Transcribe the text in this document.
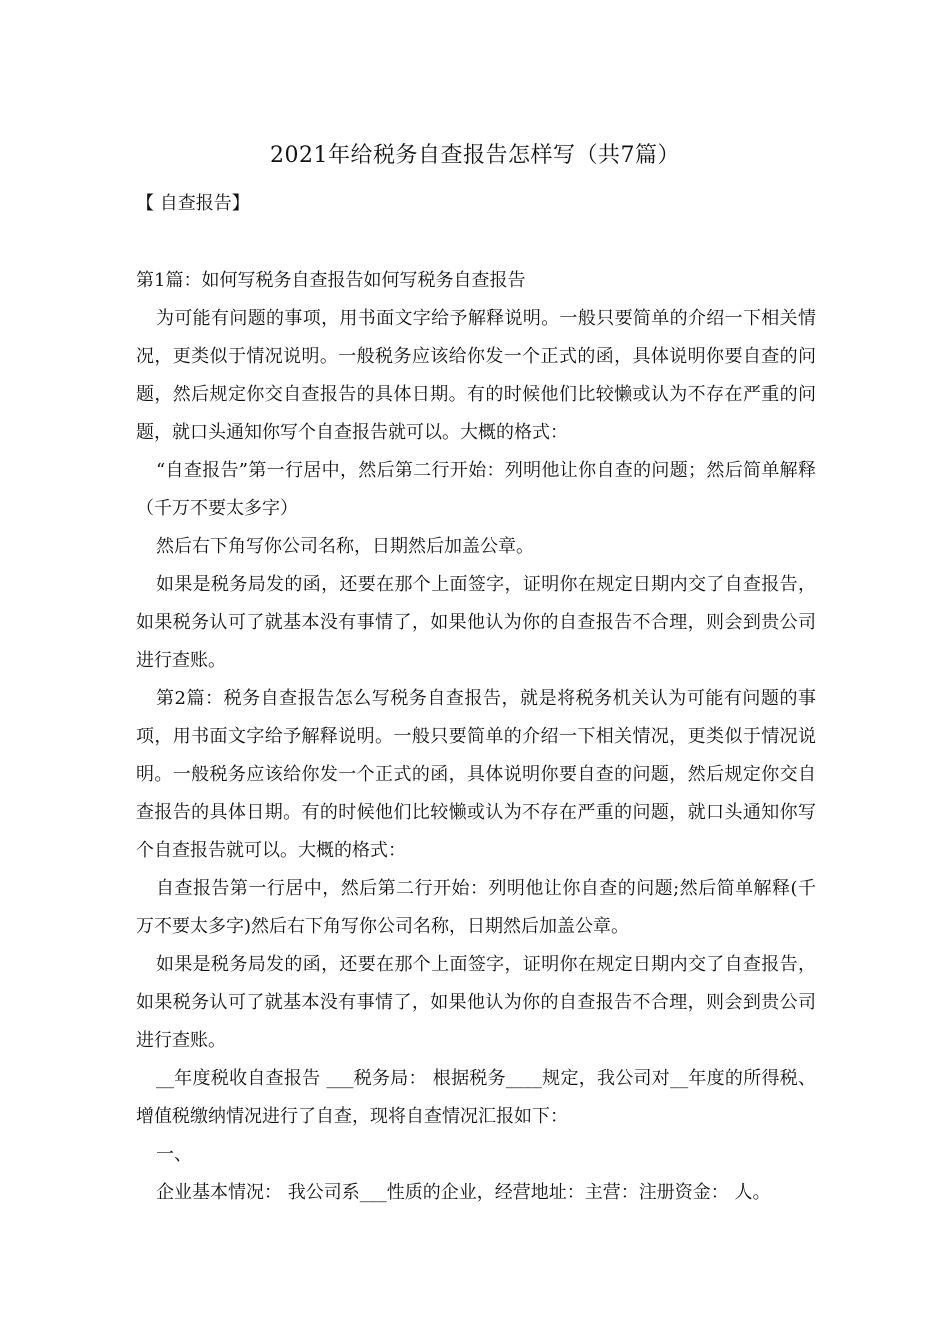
2021年给税务自查报告怎样写（共7篇）

【 自查报告】

第1篇：如何写税务自查报告如何写税务自查报告

为可能有问题的事项，用书面文字给予解释说明。一般只要简单的介绍一下相关情况，更类似于情况说明。一般税务应该给你发一个正式的函，具体说明你要自查的问题，然后规定你交自查报告的具体日期。有的时候他们比较懒或认为不存在严重的问题，就口头通知你写个自查报告就可以。大概的格式：

“自查报告”第一行居中，然后第二行开始：列明他让你自查的问题；然后简单解释（千万不要太多字）

然后右下角写你公司名称，日期然后加盖公章。

如果是税务局发的函，还要在那个上面签字，证明你在规定日期内交了自查报告，如果税务认可了就基本没有事情了，如果他认为你的自查报告不合理，则会到贵公司进行查账。

第2篇：税务自查报告怎么写税务自查报告，就是将税务机关认为可能有问题的事项，用书面文字给予解释说明。一般只要简单的介绍一下相关情况，更类似于情况说明。一般税务应该给你发一个正式的函，具体说明你要自查的问题，然后规定你交自查报告的具体日期。有的时候他们比较懒或认为不存在严重的问题，就口头通知你写个自查报告就可以。大概的格式：

自查报告第一行居中，然后第二行开始：列明他让你自查的问题;然后简单解释(千万不要太多字)然后右下角写你公司名称，日期然后加盖公章。

如果是税务局发的函，还要在那个上面签字，证明你在规定日期内交了自查报告，如果税务认可了就基本没有事情了，如果他认为你的自查报告不合理，则会到贵公司进行查账。

__年度税收自查报告 ___税务局： 根据税务____规定，我公司对__年度的所得税、增值税缴纳情况进行了自查，现将自查情况汇报如下：

一、

企业基本情况： 我公司系___性质的企业，经营地址：主营：注册资金： 人。
